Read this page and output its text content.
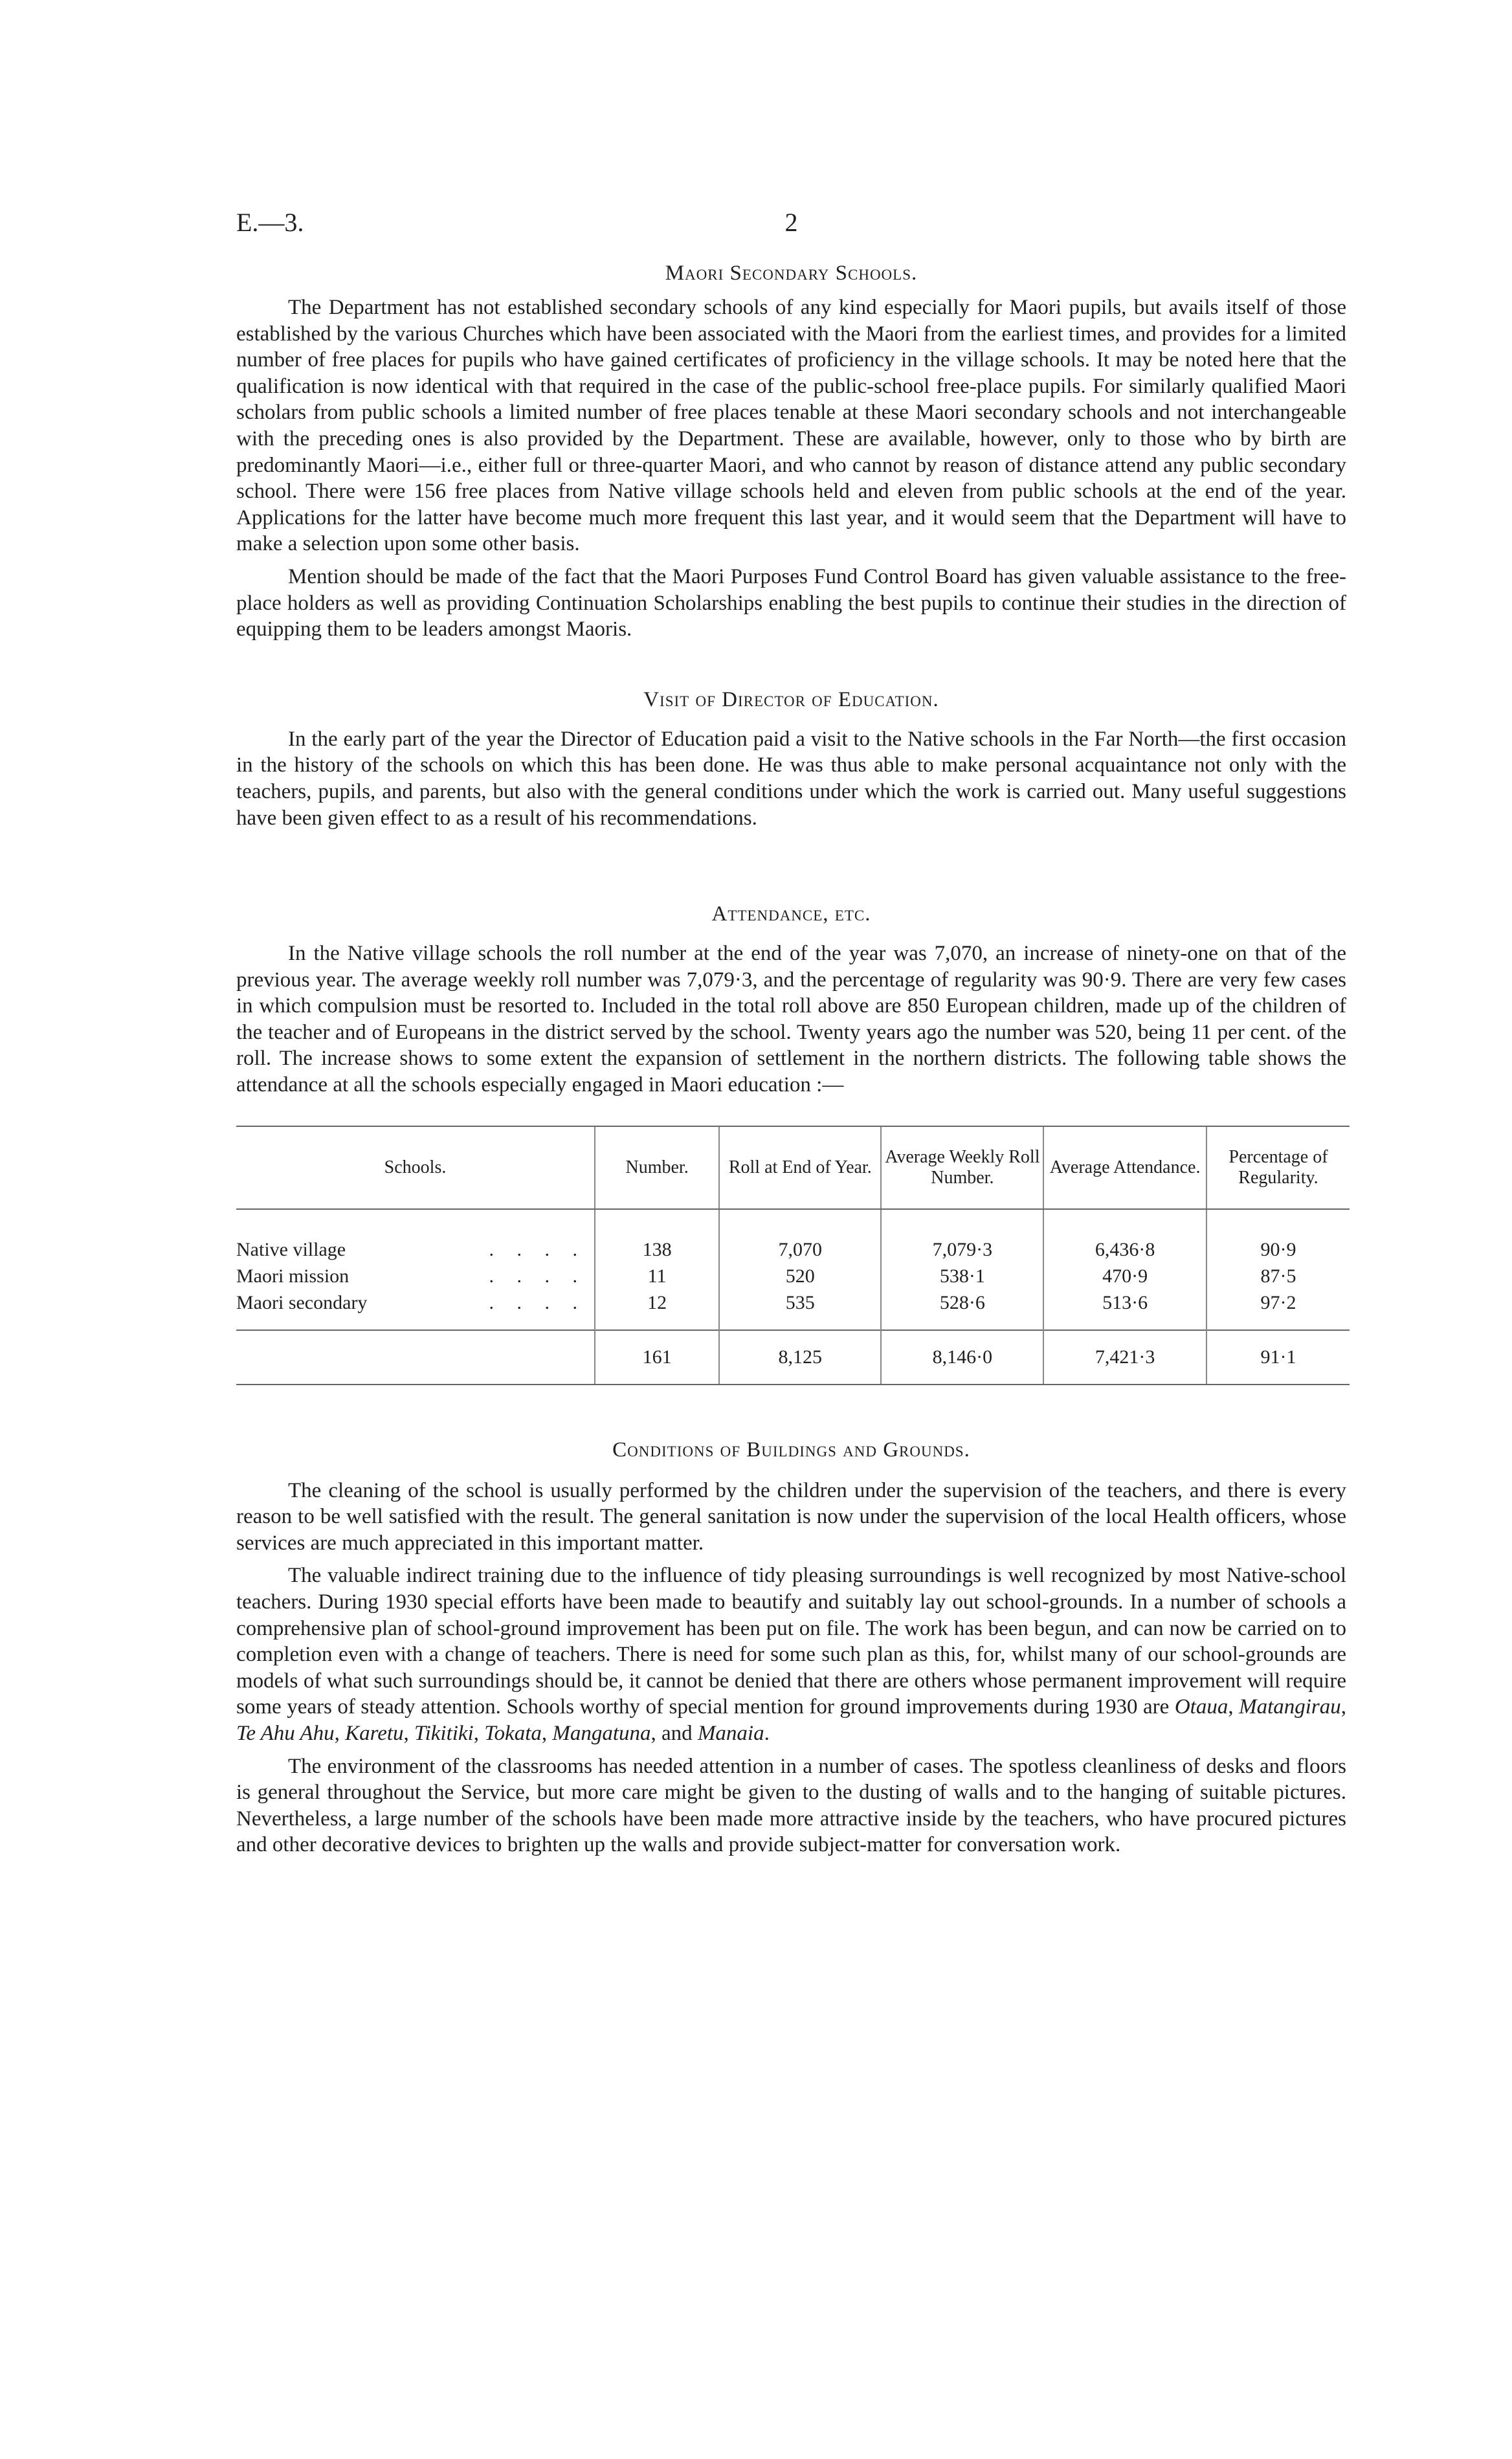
E.—3.	2
Maori Secondary Schools.

The Department has not established secondary schools of any kind especially for Maori pupils, but avails itself of those established by the various Churches which have been associated with the Maori from the earliest times, and provides for a limited number of free places for pupils who have gained certificates of proficiency in the village schools. It may be noted here that the qualification is now identical with that required in the case of the public-school free-place pupils. For similarly qualified Maori scholars from public schools a limited number of free places tenable at these Maori secondary schools and not interchangeable with the preceding ones is also provided by the Department. These are available, however, only to those who by birth are predominantly Maori—i.e., either full or three-quarter Maori, and who cannot by reason of distance attend any public secondary school. There were 156 free places from Native village schools held and eleven from public schools at the end of the year. Applications for the latter have become much more frequent this last year, and it would seem that the Department will have to make a selection upon some other basis.

Mention should be made of the fact that the Maori Purposes Fund Control Board has given valuable assistance to the free-place holders as well as providing Continuation Scholarships enabling the best pupils to continue their studies in the direction of equipping them to be leaders amongst Maoris.

Visit of Director of Education.

In the early part of the year the Director of Education paid a visit to the Native schools in the Far North—the first occasion in the history of the schools on which this has been done. He was thus able to make personal acquaintance not only with the teachers, pupils, and parents, but also with the general conditions under which the work is carried out. Many useful suggestions have been given effect to as a result of his recommendations.

Attendance, etc.

In the Native village schools the roll number at the end of the year was 7,070, an increase of ninety-one on that of the previous year. The average weekly roll number was 7,079·3, and the percentage of regularity was 90·9. There are very few cases in which compulsion must be resorted to. Included in the total roll above are 850 European children, made up of the children of the teacher and of Europeans in the district served by the school. Twenty years ago the number was 520, being 11 per cent. of the roll. The increase shows to some extent the expansion of settlement in the northern districts. The following table shows the attendance at all the schools especially engaged in Maori education :—

Schools.	Number.	Roll at End of Year.	Average Weekly Roll Number.	Average Attendance.	Percentage of Regularity.
Native village . . . .	138	7,070	7,079·3	6,436·8	90·9
Maori mission . . . .	11	520	538·1	470·9	87·5
Maori secondary . . . .	12	535	528·6	513·6	97·2

	161	8,125	8,146·0	7,421·3	91·1
Conditions of Buildings and Grounds.

The cleaning of the school is usually performed by the children under the supervision of the teachers, and there is every reason to be well satisfied with the result. The general sanitation is now under the supervision of the local Health officers, whose services are much appreciated in this important matter.

The valuable indirect training due to the influence of tidy pleasing surroundings is well recognized by most Native-school teachers. During 1930 special efforts have been made to beautify and suitably lay out school-grounds. In a number of schools a comprehensive plan of school-ground improvement has been put on file. The work has been begun, and can now be carried on to completion even with a change of teachers. There is need for some such plan as this, for, whilst many of our school-grounds are models of what such surroundings should be, it cannot be denied that there are others whose permanent improvement will require some years of steady attention. Schools worthy of special mention for ground improvements during 1930 are Otaua, Matangirau, Te Ahu Ahu, Karetu, Tikitiki, Tokata, Mangatuna, and Manaia.

The environment of the classrooms has needed attention in a number of cases. The spotless cleanliness of desks and floors is general throughout the Service, but more care might be given to the dusting of walls and to the hanging of suitable pictures. Nevertheless, a large number of the schools have been made more attractive inside by the teachers, who have procured pictures and other decorative devices to brighten up the walls and provide subject-matter for conversation work.
